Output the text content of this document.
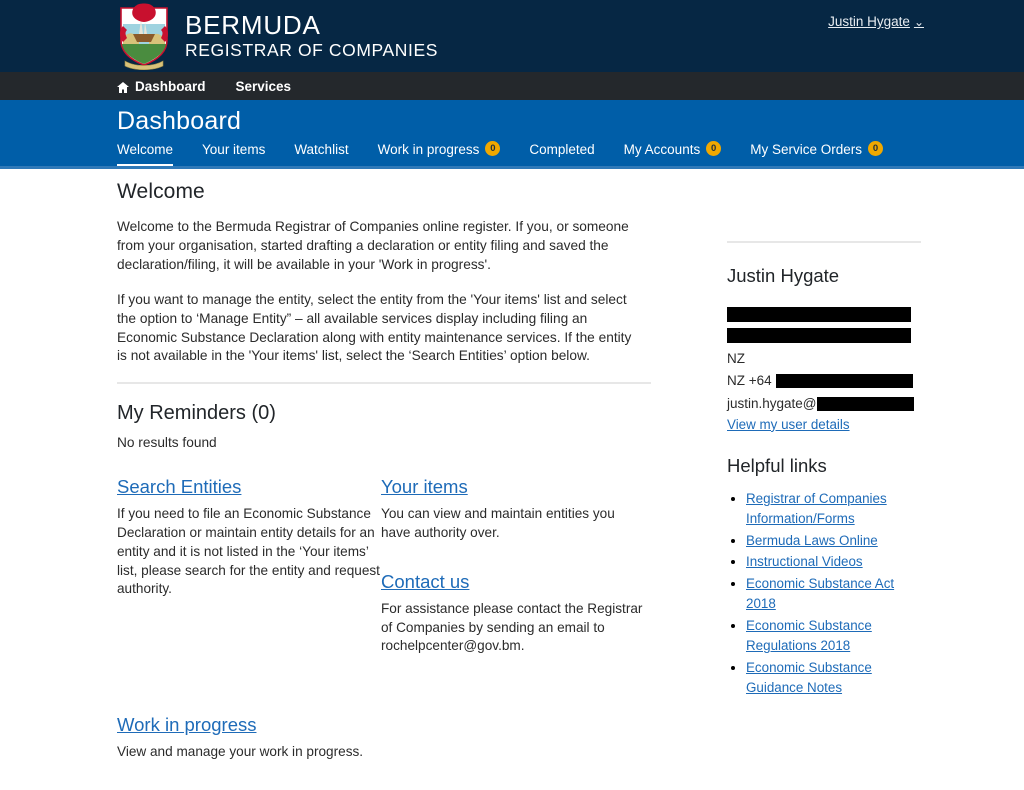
BERMUDA
REGISTRAR OF COMPANIES
Justin Hygate ⌄
Dashboard Services
Dashboard
Welcome Your items Watchlist Work in progress	0	Completed My Accounts	0	My Service Orders	0
Welcome

Welcome to the Bermuda Registrar of Companies online register. If you, or someone from your organisation, started drafting a declaration or entity filing and saved the declaration/filing, it will be available in your 'Work in progress'.

If you want to manage the entity, select the entity from the 'Your items' list and select the option to ‘Manage Entity” – all available services display including filing an Economic Substance Declaration along with entity maintenance services. If the entity is not available in the 'Your items' list, select the ‘Search Entities’ option below.

My Reminders (0)
No results found
Search Entities
If you need to file an Economic Substance Declaration or maintain entity details for an entity and it is not listed in the ‘Your items’ list, please search for the entity and request authority.
Your items
You can view and maintain entities you have authority over.
Contact us
For assistance please contact the Registrar of Companies by sending an email to rochelpcenter@gov.bm.
Work in progress
View and manage your work in progress.
Justin Hygate
NZ
NZ +64
justin.hygate@
View my user details
Helpful links
• Registrar of Companies Information/Forms
• Bermuda Laws Online
• Instructional Videos
• Economic Substance Act 2018
• Economic Substance Regulations 2018
• Economic Substance Guidance Notes
